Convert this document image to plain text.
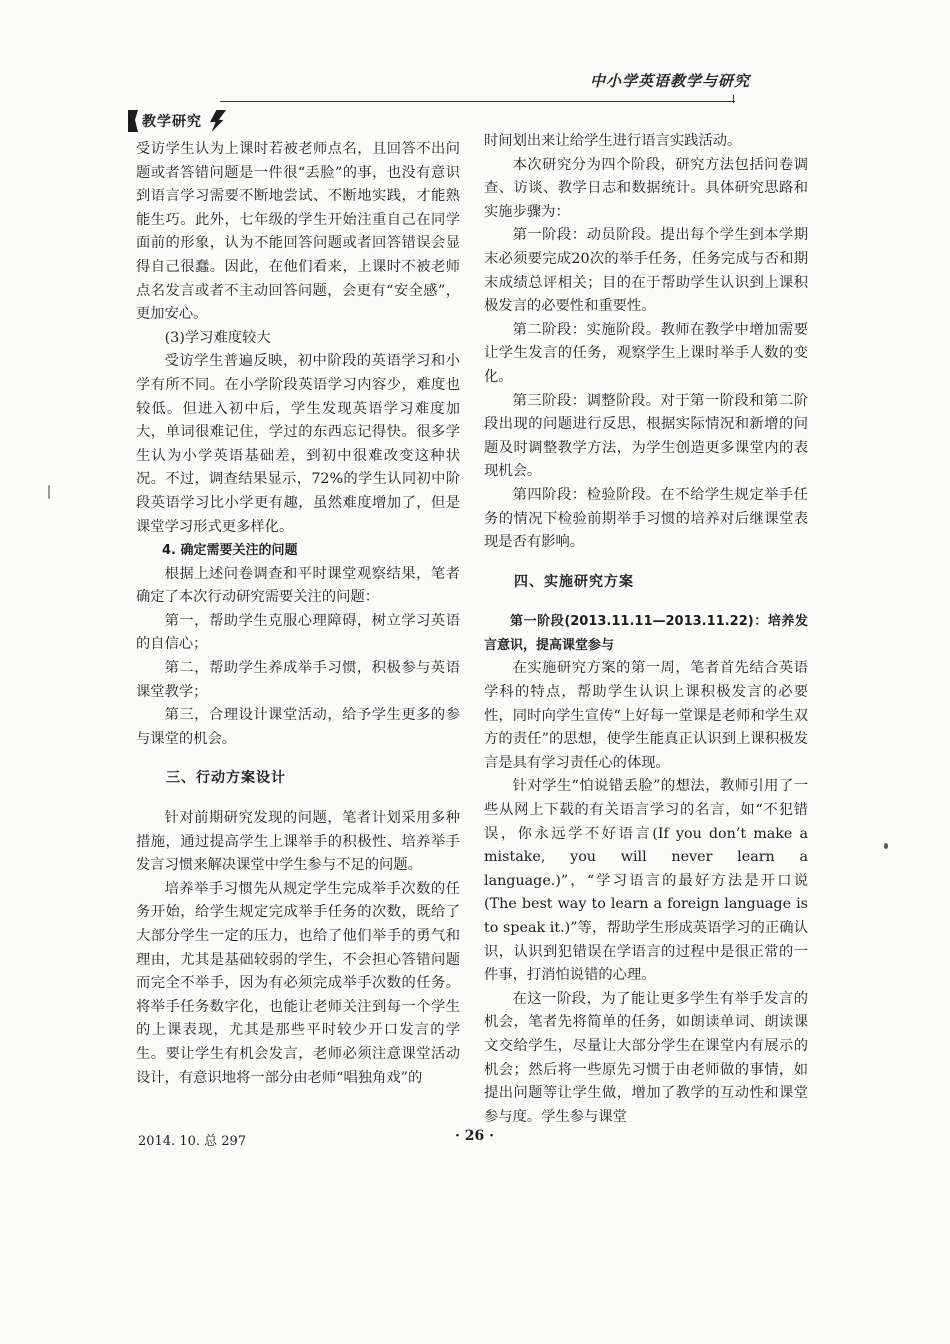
中小学英语教学与研究
教学研究

受访学生认为上课时若被老师点名，且回答不出问题或者答错问题是一件很“丢脸”的事，也没有意识到语言学习需要不断地尝试、不断地实践，才能熟能生巧。此外，七年级的学生开始注重自己在同学面前的形象，认为不能回答问题或者回答错误会显得自己很蠢。因此，在他们看来，上课时不被老师点名发言或者不主动回答问题，会更有“安全感”，更加安心。

(3)学习难度较大

受访学生普遍反映，初中阶段的英语学习和小学有所不同。在小学阶段英语学习内容少，难度也较低。但进入初中后，学生发现英语学习难度加大，单词很难记住，学过的东西忘记得快。很多学生认为小学英语基础差，到初中很难改变这种状况。不过，调查结果显示，72%的学生认同初中阶段英语学习比小学更有趣，虽然难度增加了，但是课堂学习形式更多样化。

4. 确定需要关注的问题

根据上述问卷调查和平时课堂观察结果，笔者确定了本次行动研究需要关注的问题：

第一，帮助学生克服心理障碍，树立学习英语的自信心；

第二，帮助学生养成举手习惯，积极参与英语课堂教学；

第三，合理设计课堂活动，给予学生更多的参与课堂的机会。

三、行动方案设计

针对前期研究发现的问题，笔者计划采用多种措施，通过提高学生上课举手的积极性、培养举手发言习惯来解决课堂中学生参与不足的问题。

培养举手习惯先从规定学生完成举手次数的任务开始，给学生规定完成举手任务的次数，既给了大部分学生一定的压力，也给了他们举手的勇气和理由，尤其是基础较弱的学生，不会担心答错问题而完全不举手，因为有必须完成举手次数的任务。将举手任务数字化，也能让老师关注到每一个学生的上课表现，尤其是那些平时较少开口发言的学生。要让学生有机会发言，老师必须注意课堂活动设计，有意识地将一部分由老师“唱独角戏”的

时间划出来让给学生进行语言实践活动。

本次研究分为四个阶段，研究方法包括问卷调查、访谈、教学日志和数据统计。具体研究思路和实施步骤为：

第一阶段：动员阶段。提出每个学生到本学期末必须要完成20次的举手任务，任务完成与否和期末成绩总评相关；目的在于帮助学生认识到上课积极发言的必要性和重要性。

第二阶段：实施阶段。教师在教学中增加需要让学生发言的任务，观察学生上课时举手人数的变化。

第三阶段：调整阶段。对于第一阶段和第二阶段出现的问题进行反思，根据实际情况和新增的问题及时调整教学方法，为学生创造更多课堂内的表现机会。

第四阶段：检验阶段。在不给学生规定举手任务的情况下检验前期举手习惯的培养对后继课堂表现是否有影响。

四、实施研究方案

第一阶段(2013.11.11—2013.11.22)：培养发言意识，提高课堂参与

在实施研究方案的第一周，笔者首先结合英语学科的特点，帮助学生认识上课积极发言的必要性，同时向学生宣传“上好每一堂课是老师和学生双方的责任”的思想，使学生能真正认识到上课积极发言是具有学习责任心的体现。

针对学生“怕说错丢脸”的想法，教师引用了一些从网上下载的有关语言学习的名言，如“不犯错误，你永远学不好语言(If you don’t make a mistake, you will never learn a language.)”，“学习语言的最好方法是开口说(The best way to learn a foreign language is to speak it.)”等，帮助学生形成英语学习的正确认识，认识到犯错误在学语言的过程中是很正常的一件事，打消怕说错的心理。

在这一阶段，为了能让更多学生有举手发言的机会，笔者先将简单的任务，如朗读单词、朗读课文交给学生，尽量让大部分学生在课堂内有展示的机会；然后将一些原先习惯于由老师做的事情，如提出问题等让学生做，增加了教学的互动性和课堂参与度。学生参与课堂

2014. 10. 总 297	· 26 ·
